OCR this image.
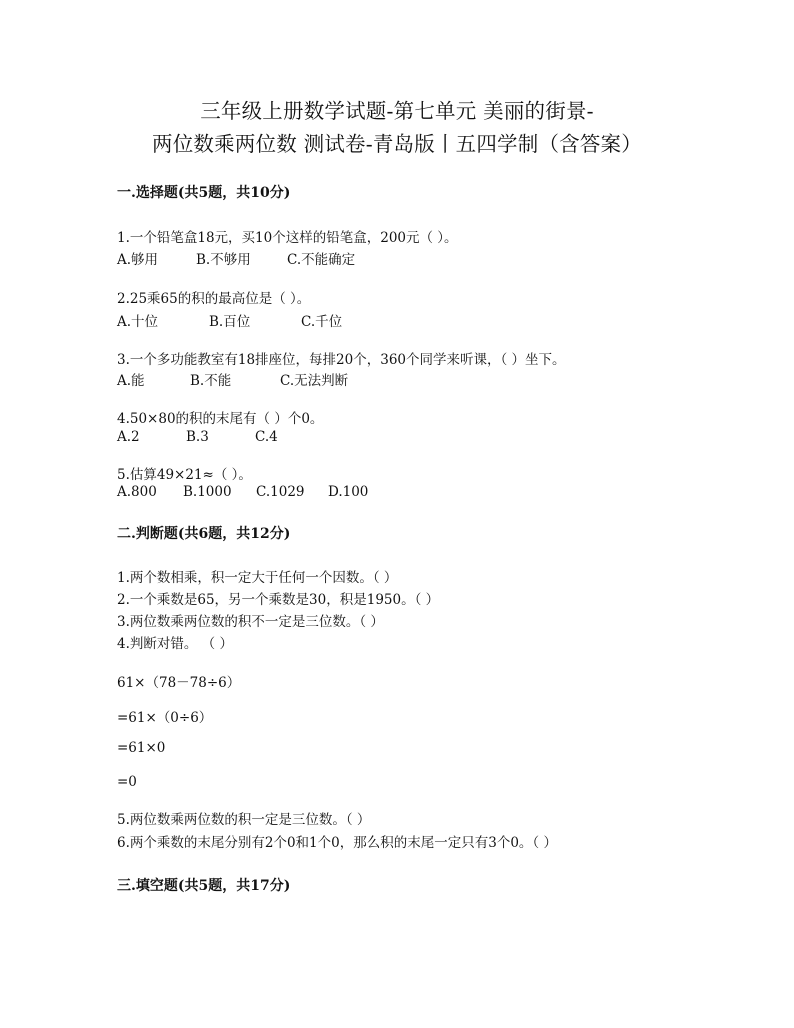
三年级上册数学试题-第七单元 美丽的街景-
两位数乘两位数 测试卷-青岛版丨五四学制（含答案）
一.选择题(共5题，共10分)
1.一个铅笔盒18元，买10个这样的铅笔盒，200元（ ）。
A.够用	B.不够用	C.不能确定
2.25乘65的积的最高位是（ ）。
A.十位	B.百位	C.千位
3.一个多功能教室有18排座位，每排20个，360个同学来听课，（ ）坐下。
A.能	B.不能	C.无法判断
4.50×80的积的末尾有（ ）个0。
A.2	B.3	C.4
5.估算49×21≈（ ）。
A.800	B.1000	C.1029	D.100
二.判断题(共6题，共12分)
1.两个数相乘，积一定大于任何一个因数。（ ）
2.一个乘数是65，另一个乘数是30，积是1950。（ ）
3.两位数乘两位数的积不一定是三位数。（ ）
4.判断对错。 （ ）
61×（78－78÷6）
=61×（0÷6）
=61×0
=0
5.两位数乘两位数的积一定是三位数。（ ）
6.两个乘数的末尾分别有2个0和1个0，那么积的末尾一定只有3个0。（ ）
三.填空题(共5题，共17分)
